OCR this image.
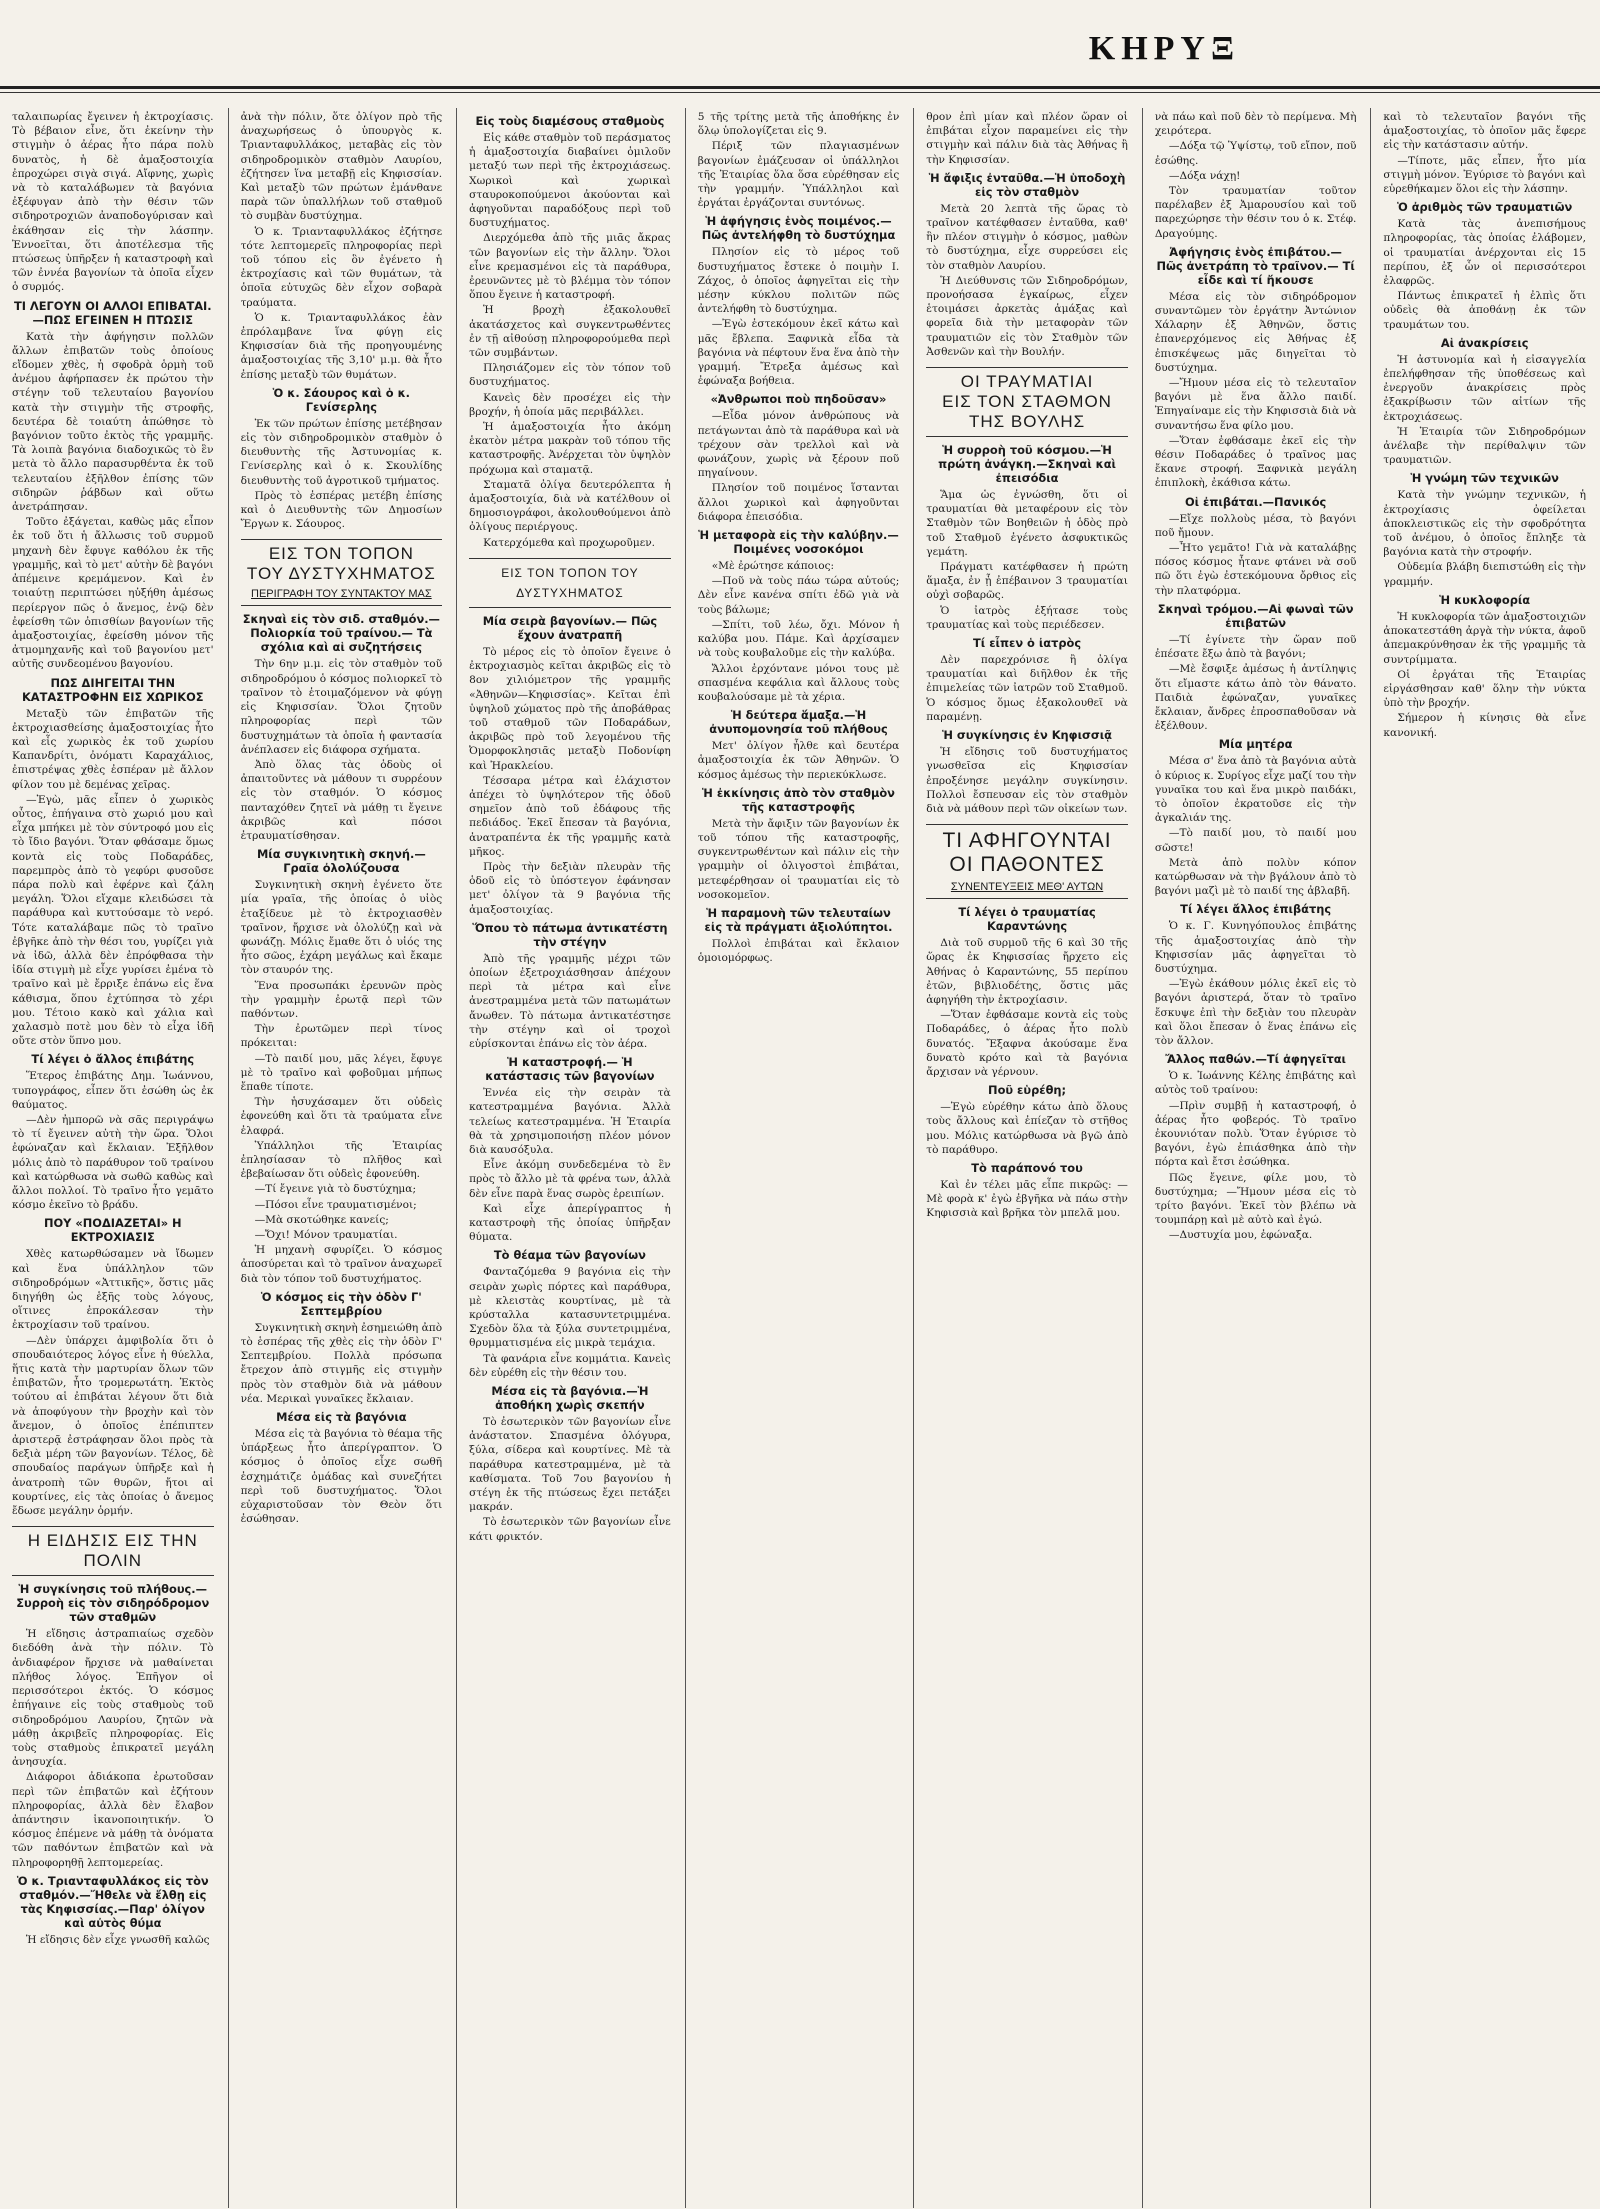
ΚΗΡΥΞ

ταλαιπωρίας ἔγεινεν ἡ ἐκτροχίασις. Τὸ βέβαιον εἶνε, ὅτι ἐκείνην τὴν στιγμὴν ὁ ἀέρας ἦτο πάρα πολὺ δυνατὸς, ἡ δὲ ἀμαξοστοιχία ἐπροχώρει σιγὰ σιγά. Αἴφνης, χωρὶς νὰ τὸ καταλάβωμεν τὰ βαγόνια ἐξέφυγαν ἀπὸ τὴν θέσιν τῶν σιδηροτροχιῶν ἀναποδογύρισαν καὶ ἐκάθησαν εἰς τὴν λάσπην. Ἐννοεῖται, ὅτι ἀποτέλεσμα τῆς πτώσεως ὑπῆρξεν ἡ καταστροφὴ καὶ τῶν ἐννέα βαγονίων τὰ ὁποῖα εἶχεν ὁ συρμός.

ΤΙ ΛΕΓΟΥΝ ΟΙ ΑΛΛΟΙ ΕΠΙΒΑΤΑΙ.—ΠΩΣ ΕΓΕΙΝΕΝ Η ΠΤΩΣΙΣ

Κατὰ τὴν ἀφήγησιν πολλῶν ἄλλων ἐπιβατῶν τοὺς ὁποίους εἴδομεν χθὲς, ἡ σφοδρὰ ὁρμὴ τοῦ ἀνέμου ἀφήρπασεν ἐκ πρώτου τὴν στέγην τοῦ τελευταίου βαγονίου κατὰ τὴν στιγμὴν τῆς στροφῆς, δευτέρα δὲ τοιαύτη ἀπώθησε τὸ βαγόνιον τοῦτο ἐκτὸς τῆς γραμμῆς. Τὰ λοιπὰ βαγόνια διαδοχικῶς τὸ ἓν μετὰ τὸ ἄλλο παρασυρθέντα ἐκ τοῦ τελευταίου ἐξῆλθον ἐπίσης τῶν σιδηρῶν ῥάβδων καὶ οὕτω ἀνετράπησαν.

Τοῦτο ἐξάγεται, καθὼς μᾶς εἶπον ἐκ τοῦ ὅτι ἡ ἄλλωσις τοῦ συρμοῦ μηχανὴ δὲν ἔφυγε καθόλου ἐκ τῆς γραμμῆς, καὶ τὸ μετ' αὐτὴν δὲ βαγόνι ἀπέμεινε κρεμάμενον. Καὶ ἐν τοιαύτῃ περιπτώσει ηὐξήθη ἀμέσως περίεργον πῶς ὁ ἄνεμος, ἐνῷ δὲν ἐφείσθη τῶν ὀπισθίων βαγονίων τῆς ἁμαξοστοιχίας, ἐφείσθη μόνον τῆς ἀτμομηχανῆς καὶ τοῦ βαγονίου μετ' αὐτῆς συνδεομένου βαγονίου.

ΠΩΣ ΔΙΗΓΕΙΤΑΙ ΤΗΝ ΚΑΤΑΣΤΡΟΦΗΝ ΕΙΣ ΧΩΡΙΚΟΣ

Μεταξὺ τῶν ἐπιβατῶν τῆς ἐκτροχιασθείσης ἀμαξοστοιχίας ἦτο καὶ εἷς χωρικὸς ἐκ τοῦ χωρίου Καπανδρίτι, ὀνόματι Καραχάλιος, ἐπιστρέψας χθὲς ἐσπέραν μὲ ἄλλον φίλον του μὲ δεμένας χεῖρας.

—Ἐγὼ, μᾶς εἶπεν ὁ χωρικὸς οὗτος, ἐπήγαινα στὸ χωριό μου καὶ εἶχα μπήκει μὲ τὸν σύντροφό μου εἰς τὸ ἴδιο βαγόνι. Ὅταν φθάσαμε ὅμως κοντὰ εἰς τοὺς Ποδαράδες, παρεμπρὸς ἀπὸ τὸ γεφύρι φυσοῦσε πάρα πολὺ καὶ ἐφέρνε καὶ ζάλη μεγάλη. Ὅλοι εἴχαμε κλειδώσει τὰ παράθυρα καὶ κυττούσαμε τὸ νερό. Τότε καταλάβαμε πῶς τὸ τραῖνο ἐβγῆκε ἀπὸ τὴν θέσι του, γυρίζει γιὰ νὰ ἰδῶ, ἀλλὰ δὲν ἐπρόφθασα τὴν ἰδία στιγμὴ μὲ εἶχε γυρίσει ἐμένα τὸ τραῖνο καὶ μὲ ἔρριξε ἐπάνω εἰς ἕνα κάθισμα, ὅπου ἐχτύπησα τὸ χέρι μου. Τέτοιο κακὸ καὶ χάλια καὶ χαλασμὸ ποτὲ μου δὲν τὸ εἶχα ἰδῆ οὔτε στὸν ὕπνο μου.

Τί λέγει ὁ ἄλλος ἐπιβάτης

Ἕτερος ἐπιβάτης Δημ. Ἰωάννου, τυπογράφος, εἶπεν ὅτι ἐσώθη ὡς ἐκ θαύματος.

—Δὲν ἠμπορῶ νὰ σᾶς περιγράψω τὸ τί ἔγεινεν αὐτὴ τὴν ὥρα. Ὅλοι ἐφώναζαν καὶ ἔκλαιαν. Ἐξῆλθον μόλις ἀπὸ τὸ παράθυρον τοῦ τραίνου καὶ κατώρθωσα νὰ σωθῶ καθὼς καὶ ἄλλοι πολλοί. Τὸ τραῖνο ἦτο γεμᾶτο κόσμο ἐκεῖνο τὸ βράδυ.

ΠΟΥ «ΠΟΔΙΑΖΕΤΑΙ» Η ΕΚΤΡΟΧΙΑΣΙΣ

Χθὲς κατωρθώσαμεν νὰ ἴδωμεν καὶ ἕνα ὑπάλληλον τῶν σιδηροδρόμων «Ἀττικῆς», ὅστις μᾶς διηγήθη ὡς ἑξῆς τοὺς λόγους, οἵτινες ἐπροκάλεσαν τὴν ἐκτροχίασιν τοῦ τραίνου.

—Δὲν ὑπάρχει ἀμφιβολία ὅτι ὁ σπουδαιότερος λόγος εἶνε ἡ θύελλα, ἥτις κατὰ τὴν μαρτυρίαν ὅλων τῶν ἐπιβατῶν, ἦτο τρομερωτάτη. Ἐκτὸς τούτου αἱ ἐπιβάται λέγουν ὅτι διὰ νὰ ἀποφύγουν τὴν βροχὴν καὶ τὸν ἄνεμον, ὁ ὁποῖος ἐπέπιπτεν ἀριστερᾷ ἐστράφησαν ὅλοι πρὸς τὰ δεξιὰ μέρη τῶν βαγονίων. Τέλος, δὲ σπουδαίος παράγων ὑπῆρξε καὶ ἡ ἀνατροπὴ τῶν θυρῶν, ἤτοι αἱ κουρτίνες, εἰς τὰς ὁποίας ὁ ἄνεμος ἔδωσε μεγάλην ὁρμήν.

Η ΕΙΔΗΣΙΣ ΕΙΣ ΤΗΝ ΠΟΛΙΝ
Ἡ συγκίνησις τοῦ πλήθους.— Συρροὴ εἰς τὸν σιδηρόδρομον τῶν σταθμῶν

Ἡ εἴδησις ἀστραπιαίως σχεδὸν διεδόθη ἀνὰ τὴν πόλιν. Τὸ ἀνδιαφέρον ἤρχισε νὰ μαθαίνεται πλήθος λόγος. Ἐπῆγον οἱ περισσότεροι ἐκτός. Ὁ κόσμος ἐπήγαινε εἰς τοὺς σταθμοὺς τοῦ σιδηροδρόμου Λαυρίου, ζητῶν νὰ μάθῃ ἀκριβεῖς πληροφορίας. Εἰς τοὺς σταθμοὺς ἐπικρατεῖ μεγάλη ἀνησυχία.

Διάφοροι ἀδιάκοπα ἐρωτοῦσαν περὶ τῶν ἐπιβατῶν καὶ ἐζήτουν πληροφορίας, ἀλλὰ δὲν ἔλαβον ἀπάντησιν ἱκανοποιητικήν. Ὁ κόσμος ἐπέμενε νὰ μάθῃ τὰ ὀνόματα τῶν παθόντων ἐπιβατῶν καὶ νὰ πληροφορηθῇ λεπτομερείας.

Ὁ κ. Τριανταφυλλάκος εἰς τὸν σταθμόν.—Ἤθελε νὰ ἔλθῃ εἰς τὰς Κηφισσίας.—Παρ' ὀλίγον καὶ αὐτὸς θύμα

Ἡ εἴδησις δὲν εἶχε γνωσθῆ καλῶς

ἀνὰ τὴν πόλιν, ὅτε ὀλίγον πρὸ τῆς ἀναχωρήσεως ὁ ὑπουργὸς κ. Τριανταφυλλάκος, μεταβὰς εἰς τὸν σιδηροδρομικὸν σταθμὸν Λαυρίου, ἐζήτησεν ἵνα μεταβῇ εἰς Κηφισσίαν. Καὶ μεταξὺ τῶν πρώτων ἐμάνθανε παρὰ τῶν ὑπαλλήλων τοῦ σταθμοῦ τὸ συμβὰν δυστύχημα.

Ὁ κ. Τριανταφυλλάκος ἐζήτησε τότε λεπτομερεῖς πληροφορίας περὶ τοῦ τόπου εἰς ὃν ἐγένετο ἡ ἐκτροχίασις καὶ τῶν θυμάτων, τὰ ὁποῖα εὐτυχῶς δὲν εἶχον σοβαρὰ τραύματα.

Ὁ κ. Τριανταφυλλάκος ἐὰν ἐπρόλαμβανε ἵνα φύγῃ εἰς Κηφισσίαν διὰ τῆς προηγουμένης ἁμαξοστοιχίας τῆς 3,10' μ.μ. θὰ ἦτο ἐπίσης μεταξὺ τῶν θυμάτων.

Ὁ κ. Σάουρος καὶ ὁ κ. Γενίσερλης

Ἐκ τῶν πρώτων ἐπίσης μετέβησαν εἰς τὸν σιδηροδρομικὸν σταθμὸν ὁ διευθυντὴς τῆς Ἀστυνομίας κ. Γενίσερλης καὶ ὁ κ. Σκουλίδης διευθυντὴς τοῦ ἀγροτικοῦ τμήματος.

Πρὸς τὸ ἑσπέρας μετέβη ἐπίσης καὶ ὁ Διευθυντὴς τῶν Δημοσίων Ἔργων κ. Σάουρος.

ΕΙΣ ΤΟΝ ΤΟΠΟΝ
ΤΟΥ ΔΥΣΤΥΧΗΜΑΤΟΣ
ΠΕΡΙΓΡΑΦΗ ΤΟΥ ΣΥΝΤΑΚΤΟΥ ΜΑΣ
Σκηναὶ εἰς τὸν σιδ. σταθμόν.— Πολιορκία τοῦ τραίνου.— Τὰ σχόλια καὶ αἱ συζητήσεις

Τὴν 6ην μ.μ. εἰς τὸν σταθμὸν τοῦ σιδηροδρόμου ὁ κόσμος πολιορκεῖ τὸ τραῖνον τὸ ἑτοιμαζόμενον νὰ φύγῃ εἰς Κηφισσίαν. Ὅλοι ζητοῦν πληροφορίας περὶ τῶν δυστυχημάτων τὰ ὁποῖα ἡ φαντασία ἀνέπλασεν εἰς διάφορα σχήματα.

Ἀπὸ ὅλας τὰς ὁδοὺς οἱ ἀπαιτοῦντες νὰ μάθουν τι συρρέουν εἰς τὸν σταθμόν. Ὁ κόσμος πανταχόθεν ζητεῖ νὰ μάθῃ τι ἔγεινε ἀκριβῶς καὶ πόσοι ἐτραυματίσθησαν.

Μία συγκινητικὴ σκηνή.— Γραῖα ὀλολύζουσα

Συγκινητικὴ σκηνὴ ἐγένετο ὅτε μία γραῖα, τῆς ὁποίας ὁ υἱὸς ἐταξίδευε μὲ τὸ ἐκτροχιασθὲν τραῖνον, ἤρχισε νὰ ὀλολύζῃ καὶ νὰ φωνάζῃ. Μόλις ἔμαθε ὅτι ὁ υἱός της ἦτο σῶος, ἐχάρη μεγάλως καὶ ἔκαμε τὸν σταυρόν της.

Ἕνα προσωπάκι ἐρευνῶν πρὸς τὴν γραμμὴν ἐρωτᾷ περὶ τῶν παθόντων.

Τὴν ἐρωτῶμεν περὶ τίνος πρόκειται:

—Τὸ παιδί μου, μᾶς λέγει, ἔφυγε μὲ τὸ τραῖνο καὶ φοβοῦμαι μήπως ἔπαθε τίποτε.

Τὴν ἡσυχάσαμεν ὅτι οὐδεὶς ἐφονεύθη καὶ ὅτι τὰ τραύματα εἶνε ἐλαφρά.

Ὑπάλληλοι τῆς Ἑταιρίας ἐπλησίασαν τὸ πλῆθος καὶ ἐβεβαίωσαν ὅτι οὐδεὶς ἐφονεύθη.

—Τί ἔγεινε γιὰ τὸ δυστύχημα;

—Πόσοι εἶνε τραυματισμένοι;

—Μὰ σκοτώθηκε κανείς;

—Ὄχι! Μόνον τραυματίαι.

Ἡ μηχανὴ σφυρίζει. Ὁ κόσμος ἀποσύρεται καὶ τὸ τραῖνον ἀναχωρεῖ διὰ τὸν τόπον τοῦ δυστυχήματος.

Ὁ κόσμος εἰς τὴν ὁδὸν Γ' Σεπτεμβρίου

Συγκινητικὴ σκηνὴ ἐσημειώθη ἀπὸ τὸ ἑσπέρας τῆς χθὲς εἰς τὴν ὁδὸν Γ' Σεπτεμβρίου. Πολλὰ πρόσωπα ἔτρεχον ἀπὸ στιγμῆς εἰς στιγμὴν πρὸς τὸν σταθμὸν διὰ νὰ μάθουν νέα. Μερικαὶ γυναῖκες ἔκλαιαν.

Μέσα εἰς τὰ βαγόνια

Μέσα εἰς τὰ βαγόνια τὸ θέαμα τῆς ὑπάρξεως ἦτο ἀπερίγραπτον. Ὁ κόσμος ὁ ὁποῖος εἶχε σωθῆ ἐσχημάτιζε ὁμάδας καὶ συνεζήτει περὶ τοῦ δυστυχήματος. Ὅλοι εὐχαριστοῦσαν τὸν Θεὸν ὅτι ἐσώθησαν.

Εἰς τοὺς διαμέσους σταθμοὺς

Εἰς κάθε σταθμὸν τοῦ περάσματος ἡ ἁμαξοστοιχία διαβαίνει ὁμιλοῦν μεταξύ των περὶ τῆς ἐκτροχιάσεως. Χωρικοὶ καὶ χωρικαὶ σταυροκοπούμενοι ἀκούονται καὶ ἀφηγοῦνται παραδόξους περὶ τοῦ δυστυχήματος.

Διερχόμεθα ἀπὸ τῆς μιᾶς ἄκρας τῶν βαγονίων εἰς τὴν ἄλλην. Ὅλοι εἶνε κρεμασμένοι εἰς τὰ παράθυρα, ἐρευνῶντες μὲ τὸ βλέμμα τὸν τόπον ὅπου ἔγεινε ἡ καταστροφή.

Ἡ βροχὴ ἐξακολουθεῖ ἀκατάσχετος καὶ συγκεντρωθέντες ἐν τῇ αἰθούσῃ πληροφορούμεθα περὶ τῶν συμβάντων.

Πλησιάζομεν εἰς τὸν τόπον τοῦ δυστυχήματος.

Κανεὶς δὲν προσέχει εἰς τὴν βροχήν, ἡ ὁποία μᾶς περιβάλλει.

Ἡ ἁμαξοστοιχία ἦτο ἀκόμη ἑκατὸν μέτρα μακρὰν τοῦ τόπου τῆς καταστροφῆς. Ἀνέρχεται τὸν ὑψηλὸν πρόχωμα καὶ σταματᾷ.

Σταματᾶ ὀλίγα δευτερόλεπτα ἡ ἁμαξοστοιχία, διὰ νὰ κατέλθουν οἱ δημοσιογράφοι, ἀκολουθούμενοι ἀπὸ ὀλίγους περιέργους.

Κατερχόμεθα καὶ προχωροῦμεν.

ΕΙΣ ΤΟΝ ΤΟΠΟΝ ΤΟΥ ΔΥΣΤΥΧΗΜΑΤΟΣ
Μία σειρὰ βαγονίων.— Πῶς ἔχουν ἀνατραπῆ

Τὸ μέρος εἰς τὸ ὁποῖον ἔγεινε ὁ ἐκτροχιασμὸς κεῖται ἀκριβῶς εἰς τὸ 8ον χιλιόμετρον τῆς γραμμῆς «Ἀθηνῶν—Κηφισσίας». Κεῖται ἐπὶ ὑψηλοῦ χώματος πρὸ τῆς ἀποβάθρας τοῦ σταθμοῦ τῶν Ποδαράδων, ἀκριβῶς πρὸ τοῦ λεγομένου τῆς Ὀμορφοκλησιᾶς μεταξὺ Ποδονίφη καὶ Ἠρακλείου.

Τέσσαρα μέτρα καὶ ἐλάχιστον ἀπέχει τὸ ὑψηλότερον τῆς ὁδοῦ σημεῖον ἀπὸ τοῦ ἐδάφους τῆς πεδιάδος. Ἐκεῖ ἔπεσαν τὰ βαγόνια, ἀνατραπέντα ἐκ τῆς γραμμῆς κατὰ μῆκος.

Πρὸς τὴν δεξιὰν πλευρὰν τῆς ὁδοῦ εἰς τὸ ὑπόστεγον ἐφάνησαν μετ' ὀλίγον τὰ 9 βαγόνια τῆς ἁμαξοστοιχίας.

Ὅπου τὸ πάτωμα ἀντικατέστη τὴν στέγην

Ἀπὸ τῆς γραμμῆς μέχρι τῶν ὁποίων ἐξετροχιάσθησαν ἀπέχουν περὶ τὰ μέτρα καὶ εἶνε ἀνεστραμμένα μετὰ τῶν πατωμάτων ἄνωθεν. Τὸ πάτωμα ἀντικατέστησε τὴν στέγην καὶ οἱ τροχοὶ εὑρίσκονται ἐπάνω εἰς τὸν ἀέρα.

Ἡ καταστροφή.— Ἡ κατάστασις τῶν βαγονίων

Ἐννέα εἰς τὴν σειρὰν τὰ κατεστραμμένα βαγόνια. Ἀλλὰ τελείως κατεστραμμένα. Ἡ Ἑταιρία θὰ τὰ χρησιμοποιήσῃ πλέον μόνον διὰ καυσόξυλα.

Εἶνε ἀκόμη συνδεδεμένα τὸ ἓν πρὸς τὸ ἄλλο μὲ τὰ φρένα των, ἀλλὰ δὲν εἶνε παρὰ ἕνας σωρὸς ἐρειπίων.

Καὶ εἶχε ἀπερίγραπτος ἡ καταστροφὴ τῆς ὁποίας ὑπῆρξαν θύματα.

Τὸ θέαμα τῶν βαγονίων

Φανταζόμεθα 9 βαγόνια εἰς τὴν σειρὰν χωρὶς πόρτες καὶ παράθυρα, μὲ κλειστὰς κουρτίνας, μὲ τὰ κρύσταλλα κατασυντετριμμένα. Σχεδὸν ὅλα τὰ ξύλα συντετριμμένα, θρυμματισμένα εἰς μικρὰ τεμάχια.

Τὰ φανάρια εἶνε κομμάτια. Κανεὶς δὲν εὑρέθη εἰς τὴν θέσιν του.

Μέσα εἰς τὰ βαγόνια.—Ἡ ἀποθήκη χωρὶς σκεπήν

Τὸ ἐσωτερικὸν τῶν βαγονίων εἶνε ἀνάστατον. Σπασμένα ὁλόγυρα, ξύλα, σίδερα καὶ κουρτίνες. Μὲ τὰ παράθυρα κατεστραμμένα, μὲ τὰ καθίσματα. Τοῦ 7ου βαγονίου ἡ στέγη ἐκ τῆς πτώσεως ἔχει πετάξει μακράν.

Τὸ ἐσωτερικὸν τῶν βαγονίων εἶνε κάτι φρικτόν.

5 τῆς τρίτης μετὰ τῆς ἀποθήκης ἐν ὅλῳ ὑπολογίζεται εἰς 9.

Πέριξ τῶν πλαγιασμένων βαγονίων ἐμάζευσαν οἱ ὑπάλληλοι τῆς Ἑταιρίας ὅλα ὅσα εὑρέθησαν εἰς τὴν γραμμήν. Ὑπάλληλοι καὶ ἐργάται ἐργάζονται συντόνως.

Ἡ ἀφήγησις ἑνὸς ποιμένος.— Πῶς ἀντελήφθη τὸ δυστύχημα

Πλησίον εἰς τὸ μέρος τοῦ δυστυχήματος ἔστεκε ὁ ποιμὴν Ι. Ζάχος, ὁ ὁποῖος ἀφηγεῖται εἰς τὴν μέσην κύκλου πολιτῶν πῶς ἀντελήφθη τὸ δυστύχημα.

—Ἐγὼ ἐστεκόμουν ἐκεῖ κάτω καὶ μᾶς ἔβλεπα. Ξαφνικὰ εἶδα τὰ βαγόνια νὰ πέφτουν ἕνα ἕνα ἀπὸ τὴν γραμμή. Ἔτρεξα ἀμέσως καὶ ἐφώναξα βοήθεια.

«Ἀνθρωποι ποὺ πηδοῦσαν»

—Εἶδα μόνον ἀνθρώπους νὰ πετάγωνται ἀπὸ τὰ παράθυρα καὶ νὰ τρέχουν σὰν τρελλοὶ καὶ νὰ φωνάζουν, χωρὶς νὰ ξέρουν ποῦ πηγαίνουν.

Πλησίον τοῦ ποιμένος ἵστανται ἄλλοι χωρικοὶ καὶ ἀφηγοῦνται διάφορα ἐπεισόδια.

Ἡ μεταφορὰ εἰς τὴν καλύβην.— Ποιμένες νοσοκόμοι

«Μὲ ἐρώτησε κάποιος:

—Ποῦ νὰ τοὺς πάω τώρα αὐτούς; Δὲν εἶνε κανένα σπίτι ἐδῶ γιὰ νὰ τοὺς βάλωμε;

—Σπίτι, τοῦ λέω, ὄχι. Μόνον ἡ καλύβα μου. Πάμε. Καὶ ἀρχίσαμεν νὰ τοὺς κουβαλοῦμε εἰς τὴν καλύβα.

Ἄλλοι ἐρχόντανε μόνοι τους μὲ σπασμένα κεφάλια καὶ ἄλλους τοὺς κουβαλούσαμε μὲ τὰ χέρια.

Ἡ δεύτερα ἅμαξα.—Ἡ ἀνυπομονησία τοῦ πλήθους

Μετ' ὀλίγον ἦλθε καὶ δευτέρα ἁμαξοστοιχία ἐκ τῶν Ἀθηνῶν. Ὁ κόσμος ἀμέσως τὴν περιεκύκλωσε.

Ἡ ἐκκίνησις ἀπὸ τὸν σταθμὸν τῆς καταστροφῆς

Μετὰ τὴν ἄφιξιν τῶν βαγονίων ἐκ τοῦ τόπου τῆς καταστροφῆς, συγκεντρωθέντων καὶ πάλιν εἰς τὴν γραμμὴν οἱ ὀλιγοστοὶ ἐπιβάται, μετεφέρθησαν οἱ τραυματίαι εἰς τὸ νοσοκομεῖον.

Ἡ παραμονὴ τῶν τελευταίων εἰς τὰ πράγματι ἀξιολύπητοι.

Πολλοὶ ἐπιβάται καὶ ἔκλαιον ὁμοιομόρφως.

θρον ἐπὶ μίαν καὶ πλέον ὥραν οἱ ἐπιβάται εἶχον παραμείνει εἰς τὴν στιγμὴν καὶ πάλιν διὰ τὰς Ἀθήνας ἢ τὴν Κηφισσίαν.

Ἡ ἄφιξις ἐνταῦθα.—Ἡ ὑποδοχὴ εἰς τὸν σταθμὸν

Μετὰ 20 λεπτὰ τῆς ὥρας τὸ τραῖνον κατέφθασεν ἐνταῦθα, καθ' ἣν πλέον στιγμὴν ὁ κόσμος, μαθὼν τὸ δυστύχημα, εἶχε συρρεύσει εἰς τὸν σταθμὸν Λαυρίου.

Ἡ Διεύθυνσις τῶν Σιδηροδρόμων, προνοήσασα ἐγκαίρως, εἶχεν ἑτοιμάσει ἀρκετὰς ἁμάξας καὶ φορεῖα διὰ τὴν μεταφορὰν τῶν τραυματιῶν εἰς τὸν Σταθμὸν τῶν Ἀσθενῶν καὶ τὴν Βουλήν.

ΟΙ ΤΡΑΥΜΑΤΙΑΙ
ΕΙΣ ΤΟΝ ΣΤΑΘΜΟΝ ΤΗΣ ΒΟΥΛΗΣ
Ἡ συρροὴ τοῦ κόσμου.—Ἡ πρώτη ἀνάγκη.—Σκηναὶ καὶ ἐπεισόδια

Ἅμα ὡς ἐγνώσθη, ὅτι οἱ τραυματίαι θὰ μεταφέρουν εἰς τὸν Σταθμὸν τῶν Βοηθειῶν ἡ ὁδὸς πρὸ τοῦ Σταθμοῦ ἐγένετο ἀσφυκτικῶς γεμάτη.

Πράγματι κατέφθασεν ἡ πρώτη ἅμαξα, ἐν ᾗ ἐπέβαινον 3 τραυματίαι οὐχὶ σοβαρῶς.

Ὁ ἰατρὸς ἐξήτασε τοὺς τραυματίας καὶ τοὺς περιέδεσεν.

Τί εἶπεν ὁ ἰατρὸς

Δὲν παρεχρόνισε ἢ ὀλίγα τραυματίαι καὶ διῆλθον ἐκ τῆς ἐπιμελείας τῶν ἰατρῶν τοῦ Σταθμοῦ. Ὁ κόσμος ὅμως ἐξακολουθεῖ νὰ παραμένῃ.

Ἡ συγκίνησις ἐν Κηφισσιᾷ

Ἡ εἴδησις τοῦ δυστυχήματος γνωσθεῖσα εἰς Κηφισσίαν ἐπροξένησε μεγάλην συγκίνησιν. Πολλοὶ ἔσπευσαν εἰς τὸν σταθμὸν διὰ νὰ μάθουν περὶ τῶν οἰκείων των.

ΤΙ ΑΦΗΓΟΥΝΤΑΙ
ΟΙ ΠΑΘΟΝΤΕΣ
ΣΥΝΕΝΤΕΥΞΕΙΣ ΜΕΘ' ΑΥΤΩΝ
Τί λέγει ὁ τραυματίας Καραντώνης

Διὰ τοῦ συρμοῦ τῆς 6 καὶ 30 τῆς ὥρας ἐκ Κηφισσίας ἤρχετο εἰς Ἀθήνας ὁ Καραντώνης, 55 περίπου ἐτῶν, βιβλιοδέτης, ὅστις μᾶς ἀφηγήθη τὴν ἐκτροχίασιν.

—Ὅταν ἐφθάσαμε κοντὰ εἰς τοὺς Ποδαράδες, ὁ ἀέρας ἦτο πολὺ δυνατός. Ἔξαφνα ἀκούσαμε ἕνα δυνατὸ κρότο καὶ τὰ βαγόνια ἄρχισαν νὰ γέρνουν.

Ποῦ εὑρέθη;

—Ἐγὼ εὑρέθην κάτω ἀπὸ ὅλους τοὺς ἄλλους καὶ ἐπίεζαν τὸ στῆθος μου. Μόλις κατώρθωσα νὰ βγῶ ἀπὸ τὸ παράθυρο.

Τὸ παράπονό του

Καὶ ἐν τέλει μᾶς εἶπε πικρῶς: —Μὲ φορὰ κ' ἐγὼ ἐβγῆκα νὰ πάω στὴν Κηφισσιὰ καὶ βρῆκα τὸν μπελᾶ μου.

νὰ πάω καὶ ποῦ δὲν τὸ περίμενα. Μὴ χειρότερα.

—Δόξα τῷ Ὑψίστῳ, τοῦ εἴπον, ποῦ ἐσώθης.

—Δόξα νάχῃ!

Τὸν τραυματίαν τοῦτον παρέλαβεν ἐξ Ἀμαρουσίου καὶ τοῦ παρεχώρησε τὴν θέσιν του ὁ κ. Στέφ. Δραγούμης.

Ἀφήγησις ἑνὸς ἐπιβάτου.— Πῶς ἀνετράπη τὸ τραῖνον.— Τί εἶδε καὶ τί ἤκουσε

Μέσα εἰς τὸν σιδηρόδρομον συναντῶμεν τὸν ἐργάτην Ἀντώνιον Χάλαρην ἐξ Ἀθηνῶν, ὅστις ἐπανερχόμενος εἰς Ἀθήνας ἐξ ἐπισκέψεως μᾶς διηγεῖται τὸ δυστύχημα.

—Ἤμουν μέσα εἰς τὸ τελευταῖον βαγόνι μὲ ἕνα ἄλλο παιδί. Ἐπηγαίναμε εἰς τὴν Κηφισσιὰ διὰ νὰ συναντήσω ἕνα φίλο μου.

—Ὅταν ἐφθάσαμε ἐκεῖ εἰς τὴν θέσιν Ποδαράδες ὁ τραῖνος μας ἔκανε στροφή. Ξαφνικὰ μεγάλη ἐπιπλοκὴ, ἐκάθισα κάτω.

Οἱ ἐπιβάται.—Πανικός

—Εἴχε πολλοὺς μέσα, τὸ βαγόνι ποῦ ἤμουν.

—Ἦτο γεμᾶτο! Γιὰ νὰ καταλάβῃς πόσος κόσμος ἦτανε φτάνει νὰ σοῦ πῶ ὅτι ἐγὼ ἐστεκόμουνα ὄρθιος εἰς τὴν πλατφόρμα.

Σκηναὶ τρόμου.—Αἱ φωναὶ τῶν ἐπιβατῶν

—Τί ἐγίνετε τὴν ὥραν ποῦ ἐπέσατε ἔξω ἀπὸ τὰ βαγόνι;

—Μὲ ἔσφιξε ἀμέσως ἡ ἀντίληψις ὅτι εἴμαστε κάτω ἀπὸ τὸν θάνατο. Παιδιὰ ἐφώναζαν, γυναῖκες ἔκλαιαν, ἄνδρες ἐπροσπαθοῦσαν νὰ ἐξέλθουν.

Μία μητέρα

Μέσα σ' ἕνα ἀπὸ τὰ βαγόνια αὐτὰ ὁ κύριος κ. Συρίγος εἶχε μαζί του τὴν γυναῖκα του καὶ ἕνα μικρὸ παιδάκι, τὸ ὁποῖον ἐκρατοῦσε εἰς τὴν ἀγκαλιάν της.

—Τὸ παιδί μου, τὸ παιδί μου σῶστε!

Μετὰ ἀπὸ πολὺν κόπον κατώρθωσαν νὰ τὴν βγάλουν ἀπὸ τὸ βαγόνι μαζὶ μὲ τὸ παιδί της ἀβλαβῆ.

Τί λέγει ἄλλος ἐπιβάτης

Ὁ κ. Γ. Κυνηγόπουλος ἐπιβάτης τῆς ἁμαξοστοιχίας ἀπὸ τὴν Κηφισσίαν μᾶς ἀφηγεῖται τὸ δυστύχημα.

—Ἐγὼ ἐκάθουν μόλις ἐκεῖ εἰς τὸ βαγόνι ἀριστερά, ὅταν τὸ τραῖνο ἔσκυψε ἐπὶ τὴν δεξιὰν του πλευρὰν καὶ ὅλοι ἔπεσαν ὁ ἕνας ἐπάνω εἰς τὸν ἄλλον.

Ἄλλος παθών.—Τί ἀφηγεῖται

Ὁ κ. Ἰωάννης Κέλης ἐπιβάτης καὶ αὐτὸς τοῦ τραίνου:

—Πρὶν συμβῇ ἡ καταστροφή, ὁ ἀέρας ἦτο φοβερός. Τὸ τραῖνο ἐκουνιόταν πολὺ. Ὅταν ἐγύρισε τὸ βαγόνι, ἐγὼ ἐπιάσθηκα ἀπὸ τὴν πόρτα καὶ ἔτσι ἐσώθηκα.

Πῶς ἔγεινε, φίλε μου, τὸ δυστύχημα; —Ἤμουν μέσα εἰς τὸ τρίτο βαγόνι. Ἐκεῖ τὸν βλέπω νὰ τουμπάρῃ καὶ μὲ αὐτὸ καὶ ἐγώ.

—Δυστυχία μου, ἐφώναξα.

καὶ τὸ τελευταῖον βαγόνι τῆς ἁμαξοστοιχίας, τὸ ὁποῖον μᾶς ἔφερε εἰς τὴν κατάστασιν αὐτήν.

—Τίποτε, μᾶς εἶπεν, ἦτο μία στιγμὴ μόνον. Ἐγύρισε τὸ βαγόνι καὶ εὑρεθήκαμεν ὅλοι εἰς τὴν λάσπην.

Ὁ ἀριθμὸς τῶν τραυματιῶν

Κατὰ τὰς ἀνεπισήμους πληροφορίας, τὰς ὁποίας ἐλάβομεν, οἱ τραυματίαι ἀνέρχονται εἰς 15 περίπου, ἐξ ὧν οἱ περισσότεροι ἐλαφρῶς.

Πάντως ἐπικρατεῖ ἡ ἐλπὶς ὅτι οὐδεὶς θὰ ἀποθάνῃ ἐκ τῶν τραυμάτων του.

Αἱ ἀνακρίσεις

Ἡ ἀστυνομία καὶ ἡ εἰσαγγελία ἐπελήφθησαν τῆς ὑποθέσεως καὶ ἐνεργοῦν ἀνακρίσεις πρὸς ἐξακρίβωσιν τῶν αἰτίων τῆς ἐκτροχιάσεως.

Ἡ Ἑταιρία τῶν Σιδηροδρόμων ἀνέλαβε τὴν περίθαλψιν τῶν τραυματιῶν.

Ἡ γνώμη τῶν τεχνικῶν

Κατὰ τὴν γνώμην τεχνικῶν, ἡ ἐκτροχίασις ὀφείλεται ἀποκλειστικῶς εἰς τὴν σφοδρότητα τοῦ ἀνέμου, ὁ ὁποῖος ἔπληξε τὰ βαγόνια κατὰ τὴν στροφήν.

Οὐδεμία βλάβη διεπιστώθη εἰς τὴν γραμμήν.

Ἡ κυκλοφορία

Ἡ κυκλοφορία τῶν ἁμαξοστοιχιῶν ἀποκατεστάθη ἀργὰ τὴν νύκτα, ἀφοῦ ἀπεμακρύνθησαν ἐκ τῆς γραμμῆς τὰ συντρίμματα.

Οἱ ἐργάται τῆς Ἑταιρίας εἰργάσθησαν καθ' ὅλην τὴν νύκτα ὑπὸ τὴν βροχήν.

Σήμερον ἡ κίνησις θὰ εἶνε κανονική.
